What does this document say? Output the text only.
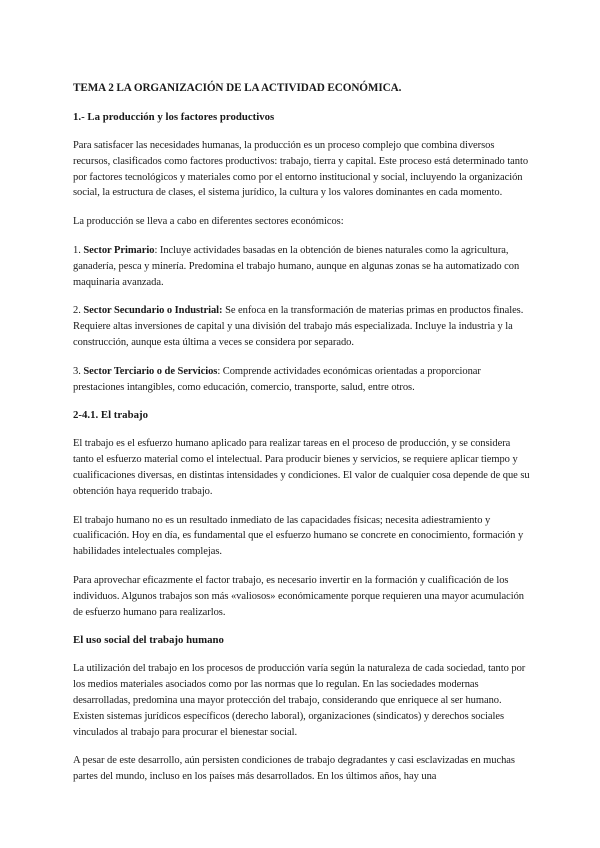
TEMA 2 LA ORGANIZACIÓN DE LA ACTIVIDAD ECONÓMICA.
1.- La producción y los factores productivos

Para satisfacer las necesidades humanas, la producción es un proceso complejo que combina diversos recursos, clasificados como factores productivos: trabajo, tierra y capital. Este proceso está determinado tanto por factores tecnológicos y materiales como por el entorno institucional y social, incluyendo la organización social, la estructura de clases, el sistema jurídico, la cultura y los valores dominantes en cada momento.

La producción se lleva a cabo en diferentes sectores económicos:

1. Sector Primario: Incluye actividades basadas en la obtención de bienes naturales como la agricultura, ganadería, pesca y minería. Predomina el trabajo humano, aunque en algunas zonas se ha automatizado con maquinaria avanzada.

2. Sector Secundario o Industrial: Se enfoca en la transformación de materias primas en productos finales. Requiere altas inversiones de capital y una división del trabajo más especializada. Incluye la industria y la construcción, aunque esta última a veces se considera por separado.

3. Sector Terciario o de Servicios: Comprende actividades económicas orientadas a proporcionar prestaciones intangibles, como educación, comercio, transporte, salud, entre otros.

2-4.1. El trabajo

El trabajo es el esfuerzo humano aplicado para realizar tareas en el proceso de producción, y se considera tanto el esfuerzo material como el intelectual. Para producir bienes y servicios, se requiere aplicar tiempo y cualificaciones diversas, en distintas intensidades y condiciones. El valor de cualquier cosa depende de que su obtención haya requerido trabajo.

El trabajo humano no es un resultado inmediato de las capacidades físicas; necesita adiestramiento y cualificación. Hoy en día, es fundamental que el esfuerzo humano se concrete en conocimiento, formación y habilidades intelectuales complejas.

Para aprovechar eficazmente el factor trabajo, es necesario invertir en la formación y cualificación de los individuos. Algunos trabajos son más «valiosos» económicamente porque requieren una mayor acumulación de esfuerzo humano para realizarlos.

El uso social del trabajo humano

La utilización del trabajo en los procesos de producción varía según la naturaleza de cada sociedad, tanto por los medios materiales asociados como por las normas que lo regulan. En las sociedades modernas desarrolladas, predomina una mayor protección del trabajo, considerando que enriquece al ser humano. Existen sistemas jurídicos específicos (derecho laboral), organizaciones (sindicatos) y derechos sociales vinculados al trabajo para procurar el bienestar social.

A pesar de este desarrollo, aún persisten condiciones de trabajo degradantes y casi esclavizadas en muchas partes del mundo, incluso en los países más desarrollados. En los últimos años, hay una
